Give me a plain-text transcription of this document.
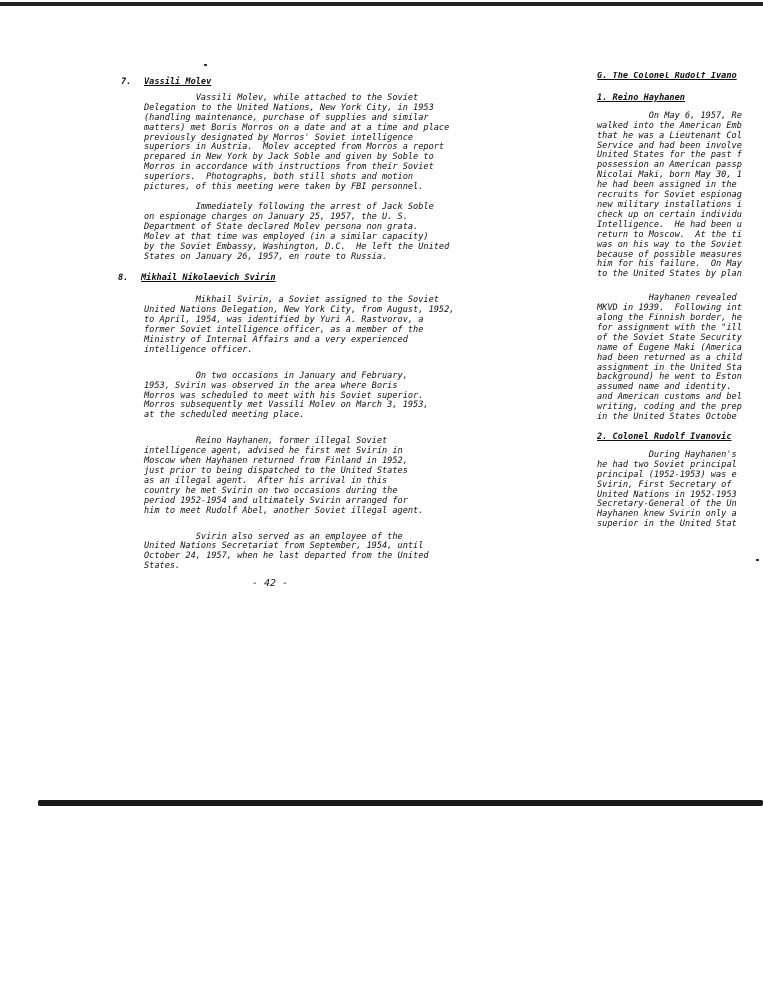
7.	Vassili Molev

Vassili Molev, while attached to the Soviet
Delegation to the United Nations, New York City, in 1953
(handling maintenance, purchase of supplies and similar
matters) met Boris Morros on a date and at a time and place
previously designated by Morros' Soviet intelligence
superiors in Austria.  Molev accepted from Morros a report
prepared in New York by Jack Soble and given by Soble to
Morros in accordance with instructions from their Soviet
superiors.  Photographs, both still shots and motion
pictures, of this meeting were taken by FBI personnel.

Immediately following the arrest of Jack Soble
on espionage charges on January 25, 1957, the U. S.
Department of State declared Molev persona non grata.
Molev at that time was employed (in a similar capacity)
by the Soviet Embassy, Washington, D.C.  He left the United
States on January 26, 1957, en route to Russia.

8.	Mikhail Nikolaevich Svirin

Mikhail Svirin, a Soviet assigned to the Soviet
United Nations Delegation, New York City, from August, 1952,
to April, 1954, was identified by Yuri A. Rastvorov, a
former Soviet intelligence officer, as a member of the
Ministry of Internal Affairs and a very experienced
intelligence officer.

On two occasions in January and February,
1953, Svirin was observed in the area where Boris
Morros was scheduled to meet with his Soviet superior.
Morros subsequently met Vassili Molev on March 3, 1953,
at the scheduled meeting place.

Reino Hayhanen, former illegal Soviet
intelligence agent, advised he first met Svirin in
Moscow when Hayhanen returned from Finland in 1952,
just prior to being dispatched to the United States
as an illegal agent.  After his arrival in this
country he met Svirin on two occasions during the
period 1952-1954 and ultimately Svirin arranged for
him to meet Rudolf Abel, another Soviet illegal agent.

Svirin also served as an employee of the
United Nations Secretariat from September, 1954, until
October 24, 1957, when he last departed from the United
States.

- 42 -
G. The Colonel Rudolf Ivano
1. Reino Hayhanen

On May 6, 1957, Re
walked into the American Emb
that he was a Lieutenant Col
Service and had been involve
United States for the past f
possession an American passp
Nicolai Maki, born May 30, 1
he had been assigned in the
recruits for Soviet espionag
new military installations i
check up on certain individu
Intelligence.  He had been u
return to Moscow.  At the ti
was on his way to the Soviet
because of possible measures
him for his failure.  On May
to the United States by plan

Hayhanen revealed
MKVD in 1939.  Following int
along the Finnish border, he
for assignment with the "ill
of the Soviet State Security
name of Eugene Maki (America
had been returned as a child
assignment in the United Sta
background) he went to Eston
assumed name and identity.
and American customs and bel
writing, coding and the prep
in the United States Octobe

2. Colonel Rudolf Ivanovic

During Hayhanen's
he had two Soviet principal
principal (1952-1953) was e
Svirin, First Secretary of
United Nations in 1952-1953
Secretary-General of the Un
Hayhanen knew Svirin only a
superior in the United Stat
